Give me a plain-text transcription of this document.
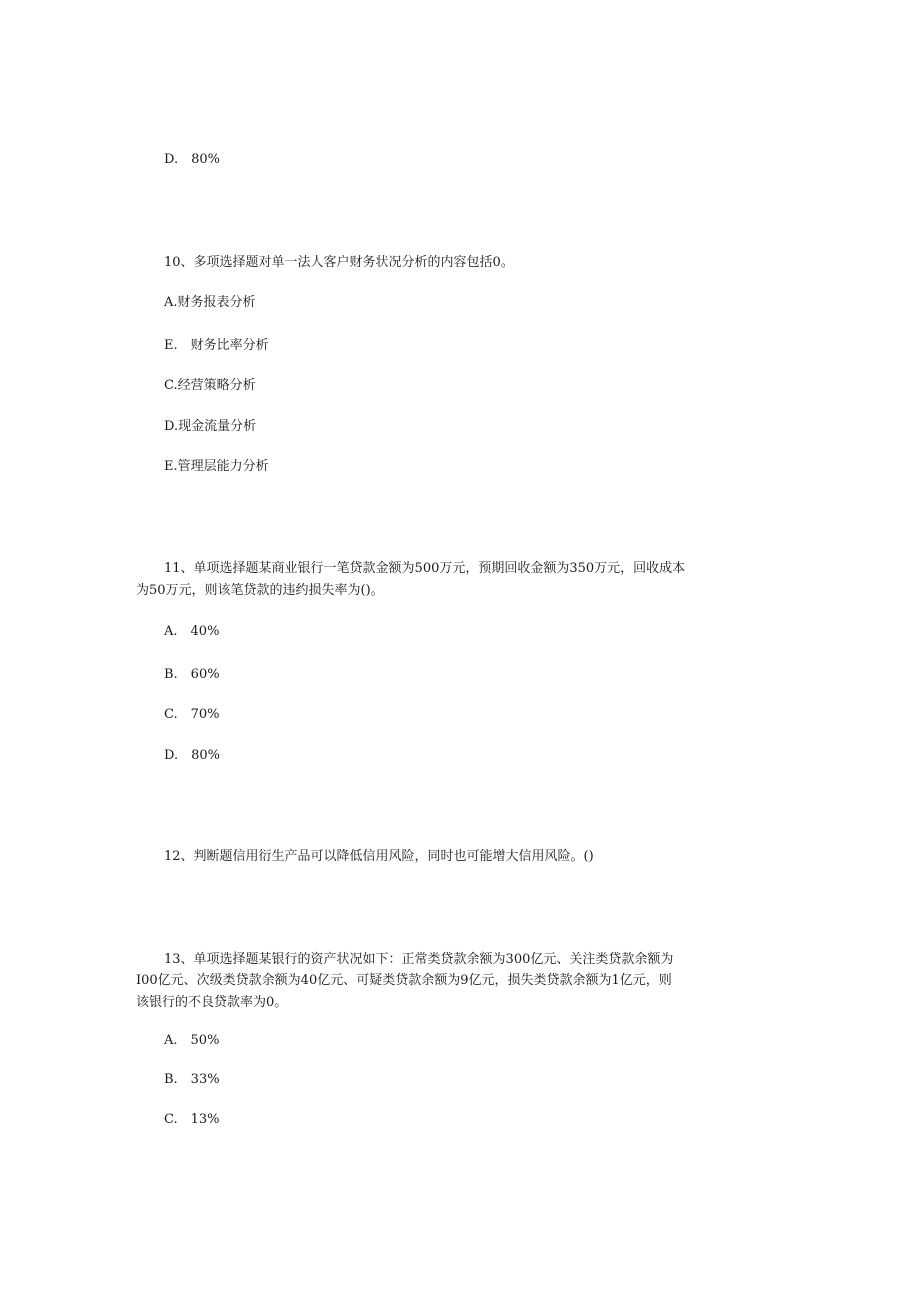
D.　80%
10、多项选择题对单一法人客户财务状况分析的内容包括0。
A.财务报表分析
E.　财务比率分析
C.经营策略分析
D.现金流量分析
E.管理层能力分析
11、单项选择题某商业银行一笔贷款金额为500万元，预期回收金额为350万元，回收成本
为50万元，则该笔贷款的违约损失率为()。
A.　40%
B.　60%
C.　70%
D.　80%
12、判断题信用衍生产品可以降低信用风险，同时也可能增大信用风险。()
13、单项选择题某银行的资产状况如下：正常类贷款余额为300亿元、关注类贷款余额为
I00亿元、次级类贷款余额为40亿元、可疑类贷款余额为9亿元，损失类贷款余额为1亿元，则
该银行的不良贷款率为0。
A.　50%
B.　33%
C.　13%
